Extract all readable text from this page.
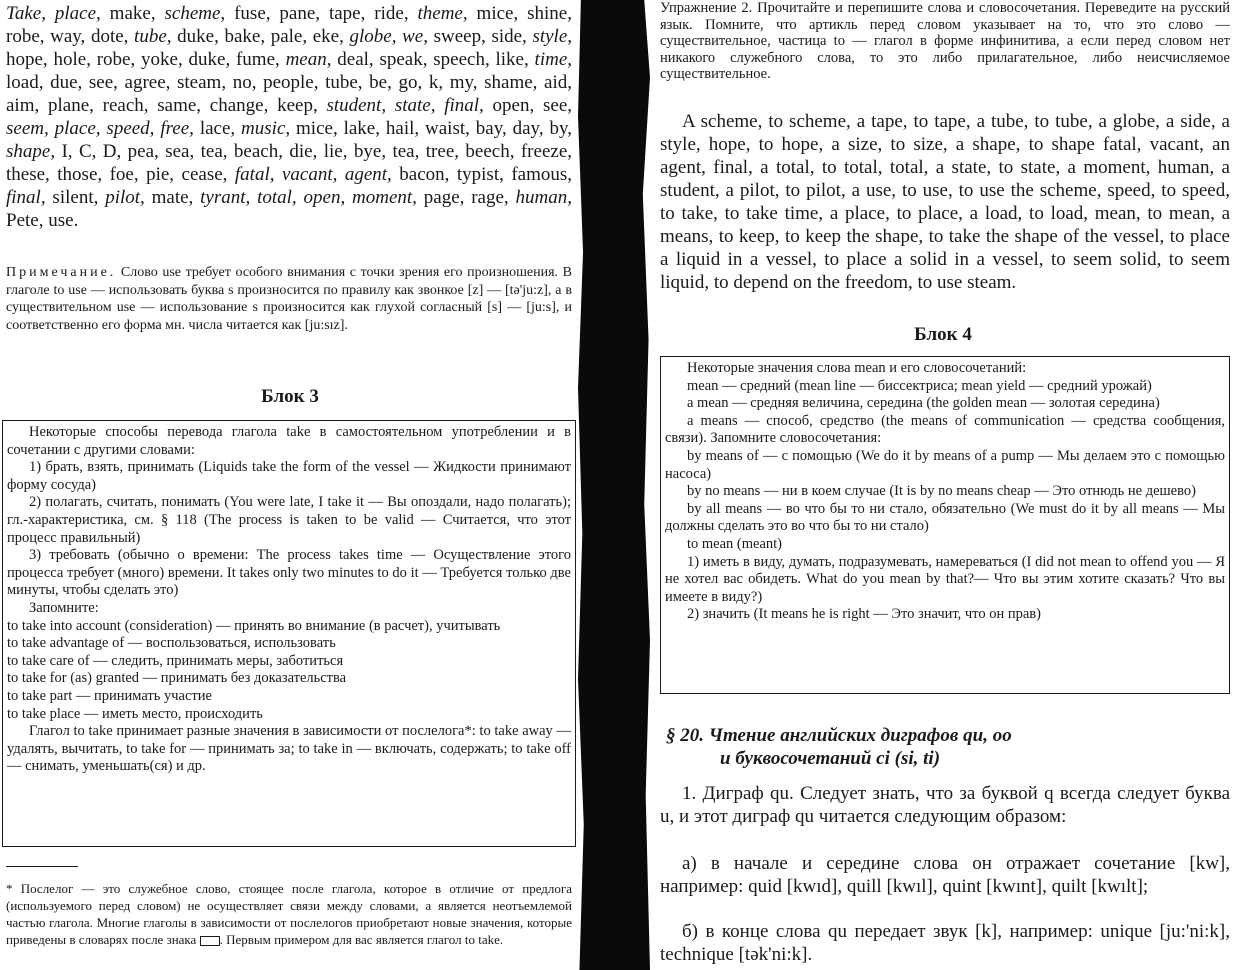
Take, place, make, scheme, fuse, pane, tape, ride, theme, mice, shine, robe, way, dote, tube, duke, bake, pale, eke, globe, we, sweep, side, style, hope, hole, robe, yoke, duke, fume, mean, deal, speak, speech, like, time, load, due, see, agree, steam, no, people, tube, be, go, k, my, shame, aid, aim, plane, reach, same, change, keep, student, state, final, open, see, seem, place, speed, free, lace, music, mice, lake, hail, waist, bay, day, by, shape, I, C, D, pea, sea, tea, beach, die, lie, bye, tea, tree, beech, freeze, these, those, foe, pie, cease, fatal, vacant, agent, bacon, typist, famous, final, silent, pilot, mate, tyrant, total, open, moment, page, rage, human, Pete, use.

Примечание. Слово use требует особого внимания с точки зрения его произношения. В глаголе to use — использовать буква s произносится по правилу как звонкое [z] — [tə'ju:z], а в существительном use — использование s произносится как глухой согласный [s] — [ju:s], и соответственно его форма мн. числа читается как [ju:sız].

Блок 3

Некоторые способы перевода глагола take в самостоятельном употреблении и в сочетании с другими словами:

1) брать, взять, принимать (Liquids take the form of the vessel — Жидкости принимают форму сосуда)

2) полагать, считать, понимать (You were late, I take it — Вы опоздали, надо полагать); гл.-характеристика, см. § 118 (The process is taken to be valid — Считается, что этот процесс правильный)

3) требовать (обычно о времени: The process takes time — Осуществление этого процесса требует (много) времени. It takes only two minutes to do it — Требуется только две минуты, чтобы сделать это)

Запомните:

to take into account (consideration) — принять во внимание (в расчет), учитывать

to take advantage of — воспользоваться, использовать

to take care of — следить, принимать меры, заботиться

to take for (as) granted — принимать без доказательства

to take part — принимать участие

to take place — иметь место, происходить

Глагол to take принимает разные значения в зависимости от послелога*: to take away — удалять, вычитать, to take for — принимать за; to take in — включать, содержать; to take off — снимать, уменьшать(ся) и др.

* Послелог — это служебное слово, стоящее после глагола, которое в отличие от предлога (используемого перед словом) не осуществляет связи между словами, а является неотъемлемой частью глагола. Многие глаголы в зависимости от послелогов приобретают новые значения, которые приведены в словарях после знака . Первым примером для вас является глагол to take.

Упражнение 2. Прочитайте и перепишите слова и словосочетания. Переведите на русский язык. Помните, что артикль перед словом указывает на то, что это слово — существительное, частица to — глагол в форме инфинитива, а если перед словом нет никакого служебного слова, то это либо прилагательное, либо неисчисляемое существительное.

A scheme, to scheme, a tape, to tape, a tube, to tube, a globe, a side, a style, hope, to hope, a size, to size, a shape, to shape fatal, vacant, an agent, final, a total, to total, total, a state, to state, a moment, human, a student, a pilot, to pilot, a use, to use, to use the scheme, speed, to speed, to take, to take time, a place, to place, a load, to load, mean, to mean, a means, to keep, to keep the shape, to take the shape of the vessel, to place a liquid in a vessel, to place a solid in a vessel, to seem solid, to seem liquid, to depend on the freedom, to use steam.

Блок 4

Некоторые значения слова mean и его словосочетаний:

mean — средний (mean line — биссектриса; mean yield — средний урожай)

a mean — средняя величина, середина (the golden mean — золотая середина)

a means — способ, средство (the means of communication — средства сообщения, связи). Запомните словосочетания:

by means of — с помощью (We do it by means of a pump — Мы делаем это с помощью насоса)

by no means — ни в коем случае (It is by no means cheap — Это отнюдь не дешево)

by all means — во что бы то ни стало, обязательно (We must do it by all means — Мы должны сделать это во что бы то ни стало)

to mean (meant)

1) иметь в виду, думать, подразумевать, намереваться (I did not mean to offend you — Я не хотел вас обидеть. What do you mean by that?— Что вы этим хотите сказать? Что вы имеете в виду?)

2) значить (It means he is right — Это значит, что он прав)

§ 20. Чтение английских диграфов qu, oo
и буквосочетаний ci (si, ti)

1. Диграф qu. Следует знать, что за буквой q всегда следует буква u, и этот диграф qu читается следующим образом:

а) в начале и середине слова он отражает сочетание [kw], например: quid [kwıd], quill [kwıl], quint [kwınt], quilt [kwılt];

б) в конце слова qu передает звук [k], например: unique [ju:'ni:k], technique [tək'ni:k].
